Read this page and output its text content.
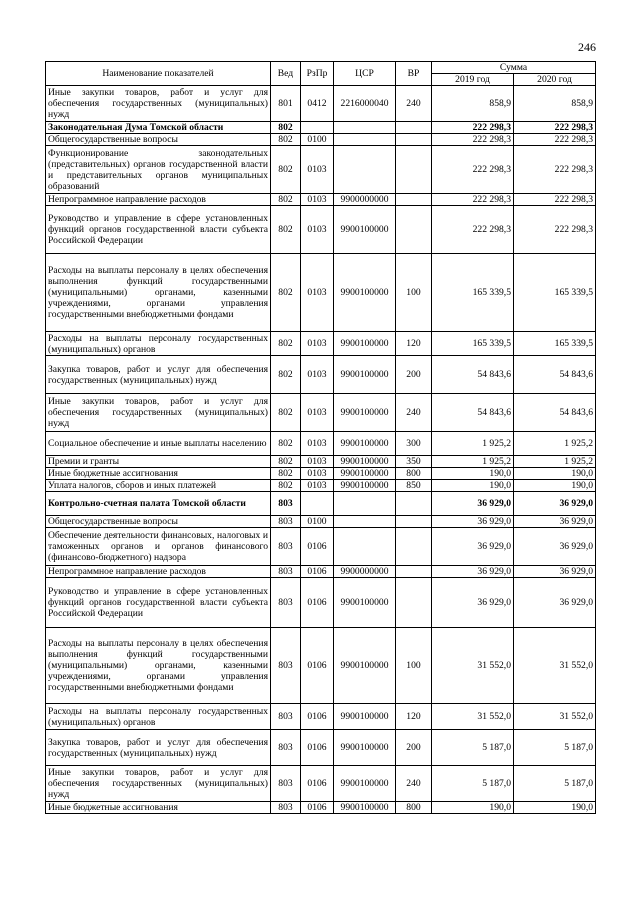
246
Наименование показателей	Вед	РзПр	ЦСР	ВР	Сумма	
					2019 год	2020 год
Иные закупки товаров, работ и услуг для обеспечения государственных (муниципальных) нужд	801	0412	2216000040	240	858,9	858,9
Законодательная Дума Томской области	802				222 298,3	222 298,3
Общегосударственные вопросы	802	0100			222 298,3	222 298,3
Функционирование законодательных (представительных) органов государственной власти и представительных органов муниципальных образований	802	0103			222 298,3	222 298,3
Непрограммное направление расходов	802	0103	9900000000		222 298,3	222 298,3
Руководство и управление в сфере установленных функций органов государственной власти субъекта Российской Федерации	802	0103	9900100000		222 298,3	222 298,3
Расходы на выплаты персоналу в целях обеспечения выполнения функций государственными (муниципальными) органами, казенными учреждениями, органами управления государственными внебюджетными фондами	802	0103	9900100000	100	165 339,5	165 339,5
Расходы на выплаты персоналу государственных (муниципальных) органов	802	0103	9900100000	120	165 339,5	165 339,5
Закупка товаров, работ и услуг для обеспечения государственных (муниципальных) нужд	802	0103	9900100000	200	54 843,6	54 843,6
Иные закупки товаров, работ и услуг для обеспечения государственных (муниципальных) нужд	802	0103	9900100000	240	54 843,6	54 843,6
Социальное обеспечение и иные выплаты населению	802	0103	9900100000	300	1 925,2	1 925,2
Премии и гранты	802	0103	9900100000	350	1 925,2	1 925,2
Иные бюджетные ассигнования	802	0103	9900100000	800	190,0	190,0
Уплата налогов, сборов и иных платежей	802	0103	9900100000	850	190,0	190,0
Контрольно-счетная палата Томской области	803				36 929,0	36 929,0
Общегосударственные вопросы	803	0100			36 929,0	36 929,0
Обеспечение деятельности финансовых, налоговых и таможенных органов и органов финансового (финансово-бюджетного) надзора	803	0106			36 929,0	36 929,0
Непрограммное направление расходов	803	0106	9900000000		36 929,0	36 929,0
Руководство и управление в сфере установленных функций органов государственной власти субъекта Российской Федерации	803	0106	9900100000		36 929,0	36 929,0
Расходы на выплаты персоналу в целях обеспечения выполнения функций государственными (муниципальными) органами, казенными учреждениями, органами управления государственными внебюджетными фондами	803	0106	9900100000	100	31 552,0	31 552,0
Расходы на выплаты персоналу государственных (муниципальных) органов	803	0106	9900100000	120	31 552,0	31 552,0
Закупка товаров, работ и услуг для обеспечения государственных (муниципальных) нужд	803	0106	9900100000	200	5 187,0	5 187,0
Иные закупки товаров, работ и услуг для обеспечения государственных (муниципальных) нужд	803	0106	9900100000	240	5 187,0	5 187,0
Иные бюджетные ассигнования	803	0106	9900100000	800	190,0	190,0
